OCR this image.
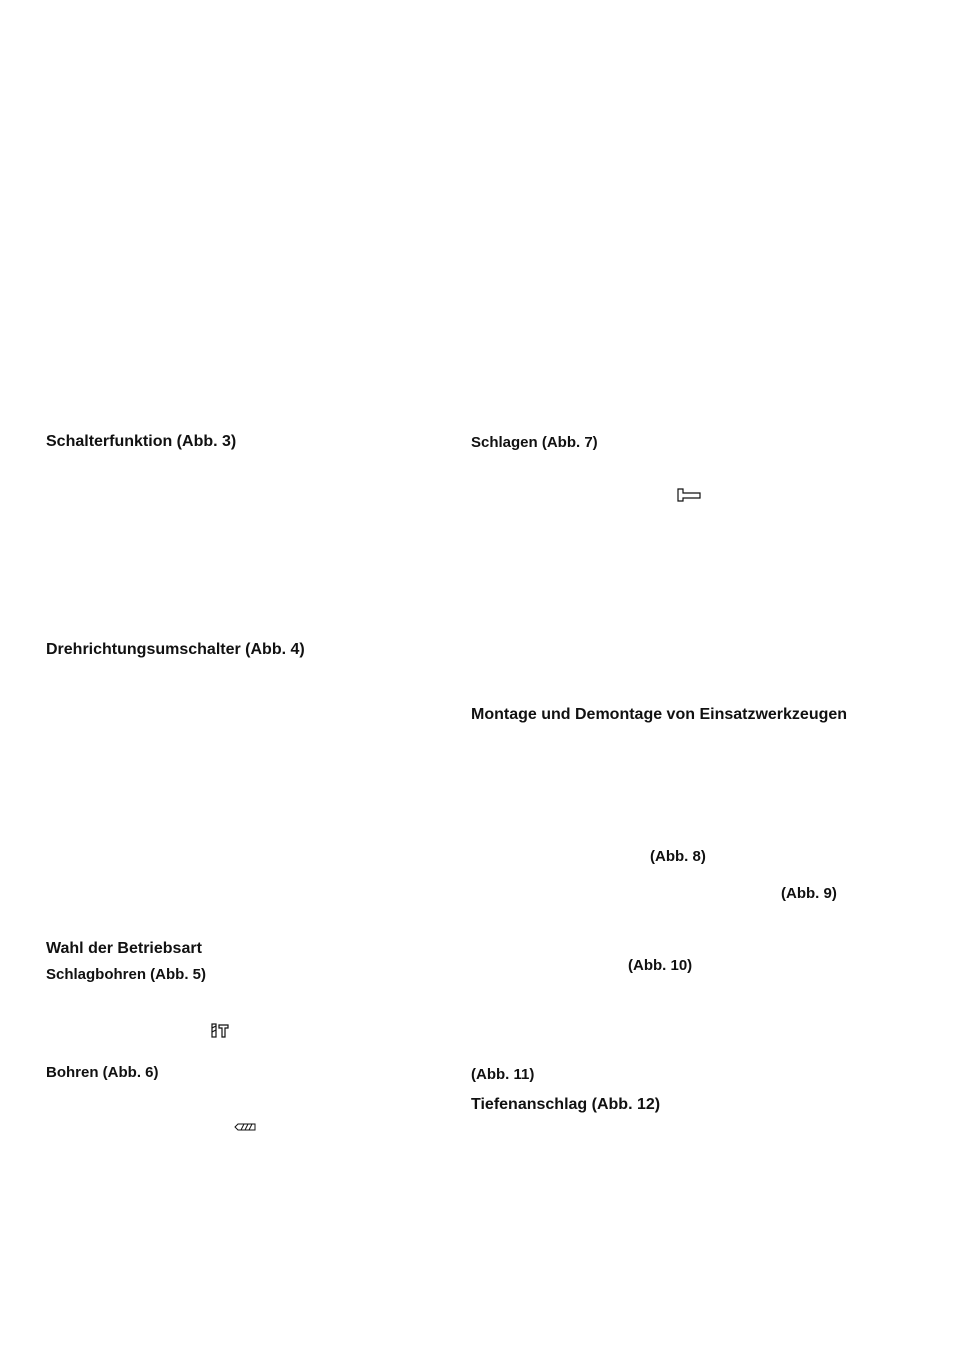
Schalterfunktion (Abb. 3)
Drehrichtungsumschalter (Abb. 4)
Wahl der Betriebsart
Schlagbohren (Abb. 5)
Bohren (Abb. 6)
Schlagen (Abb. 7)
Montage und Demontage von Einsatzwerkzeugen
(Abb. 8)
(Abb. 9)
(Abb. 10)
(Abb. 11)
Tiefenanschlag (Abb. 12)
